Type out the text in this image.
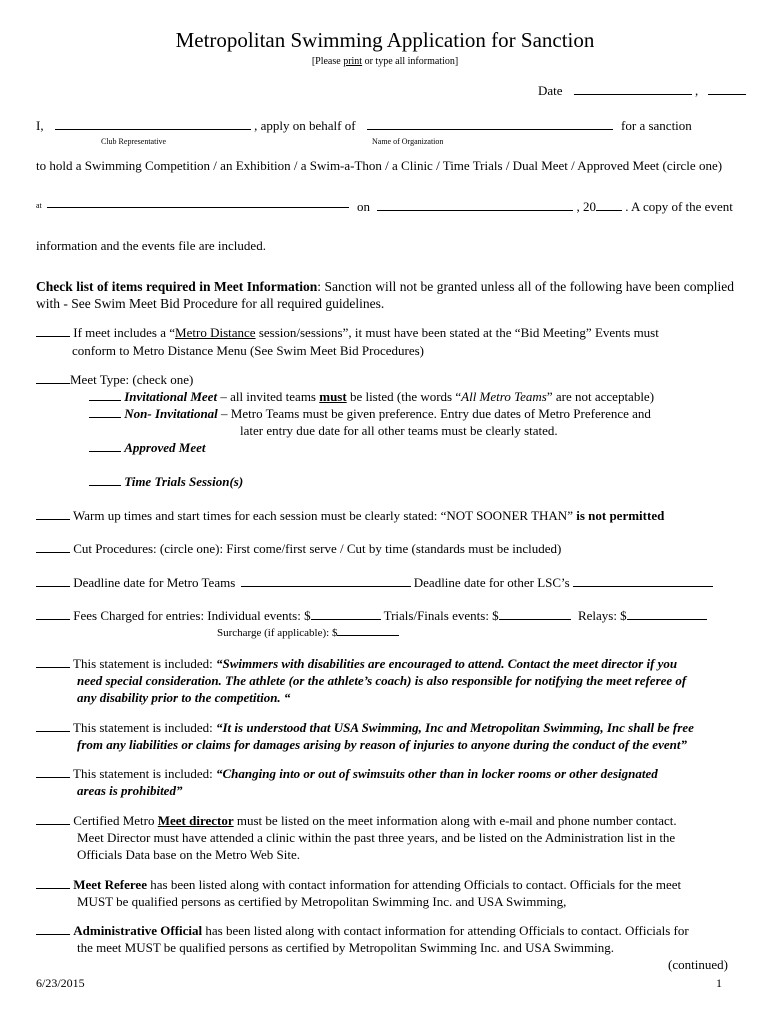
Metropolitan Swimming Application for Sanction
[Please print or type all information]
Date	,
I,	, apply on behalf of	for a sanction
Club Representative	Name of Organization
to hold a Swimming Competition / an Exhibition / a Swim-a-Thon / a Clinic / Time Trials / Dual Meet / Approved Meet (circle one)
at	on	, 20 . A copy of the event
information and the events file are included.
Check list of items required in Meet Information: Sanction will not be granted unless all of the following have been complied with - See Swim Meet Bid Procedure for all required guidelines.
If meet includes a “Metro Distance session/sessions”, it must have been stated at the “Bid Meeting” Events must
conform to Metro Distance Menu (See Swim Meet Bid Procedures)
Meet Type: (check one)
Invitational Meet – all invited teams must be listed (the words “All Metro Teams” are not acceptable)
Non- Invitational – Metro Teams must be given preference. Entry due dates of Metro Preference and
later entry due date for all other teams must be clearly stated.
Approved Meet
Time Trials Session(s)
Warm up times and start times for each session must be clearly stated: “NOT SOONER THAN” is not permitted
Cut Procedures: (circle one): First come/first serve / Cut by time (standards must be included)
Deadline date for Metro Teams	Deadline date for other LSC’s
Fees Charged for entries: Individual events: $	Trials/Finals events: $	Relays: $
Surcharge (if applicable): $
This statement is included: “Swimmers with disabilities are encouraged to attend. Contact the meet director if you
need special consideration. The athlete (or the athlete’s coach) is also responsible for notifying the meet referee of
any disability prior to the competition. “
This statement is included: “It is understood that USA Swimming, Inc and Metropolitan Swimming, Inc shall be free
from any liabilities or claims for damages arising by reason of injuries to anyone during the conduct of the event”
This statement is included: “Changing into or out of swimsuits other than in locker rooms or other designated
areas is prohibited”
Certified Metro Meet director must be listed on the meet information along with e-mail and phone number contact.
Meet Director must have attended a clinic within the past three years, and be listed on the Administration list in the
Officials Data base on the Metro Web Site.
Meet Referee has been listed along with contact information for attending Officials to contact. Officials for the meet
MUST be qualified persons as certified by Metropolitan Swimming Inc. and USA Swimming,
Administrative Official has been listed along with contact information for attending Officials to contact. Officials for
the meet MUST be qualified persons as certified by Metropolitan Swimming Inc. and USA Swimming.
(continued)
6/23/2015	1
